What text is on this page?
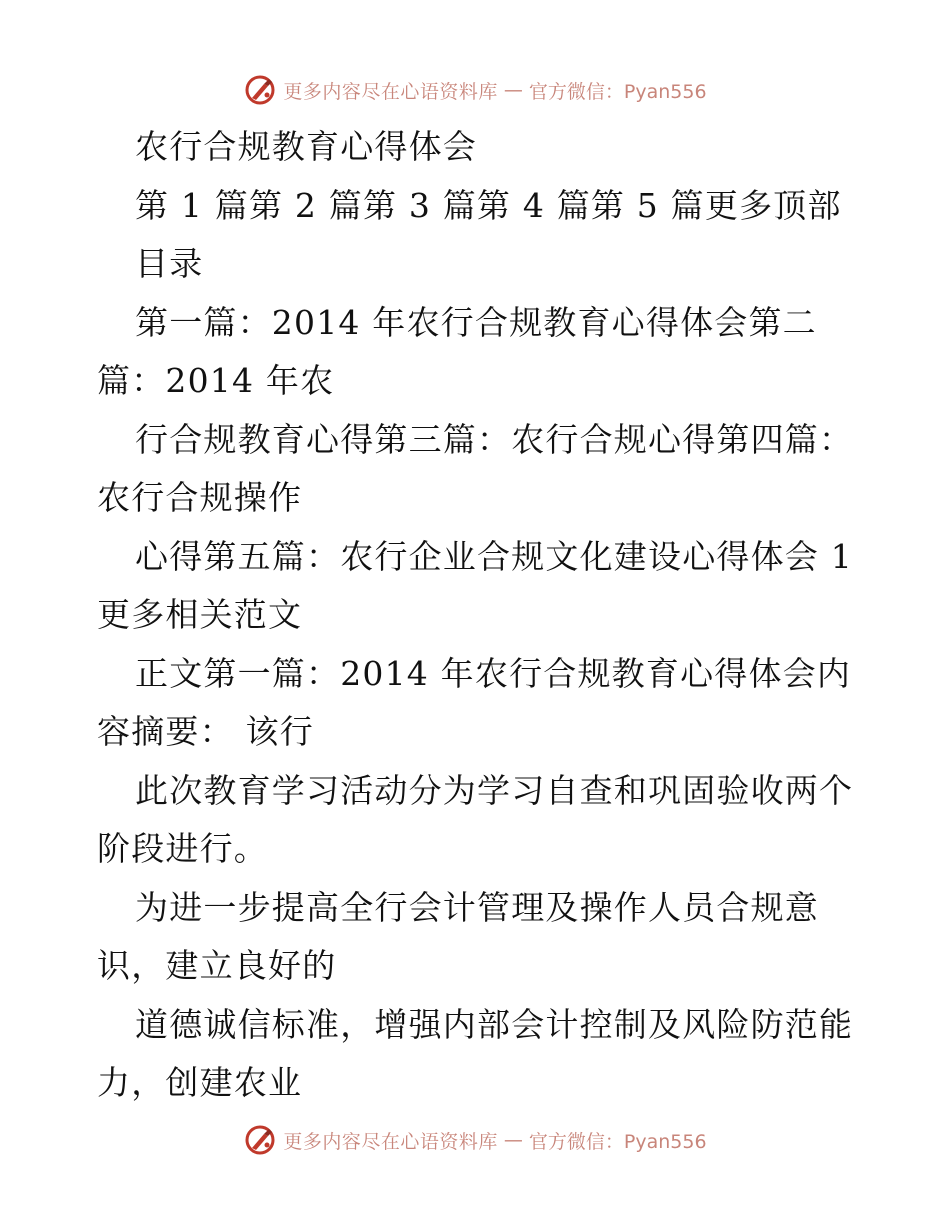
更多内容尽在心语资料库 — 官方微信：Pyan556
农行合规教育心得体会
第 1 篇第 2 篇第 3 篇第 4 篇第 5 篇更多顶部
目录
第一篇：2014 年农行合规教育心得体会第二
篇：2014 年农
行合规教育心得第三篇：农行合规心得第四篇：
农行合规操作
心得第五篇：农行企业合规文化建设心得体会 1
更多相关范文
正文第一篇：2014 年农行合规教育心得体会内
容摘要： 该行
此次教育学习活动分为学习自查和巩固验收两个
阶段进行。
为进一步提高全行会计管理及操作人员合规意
识，建立良好的
道德诚信标准，增强内部会计控制及风险防范能
力，创建农业
更多内容尽在心语资料库 — 官方微信：Pyan556
